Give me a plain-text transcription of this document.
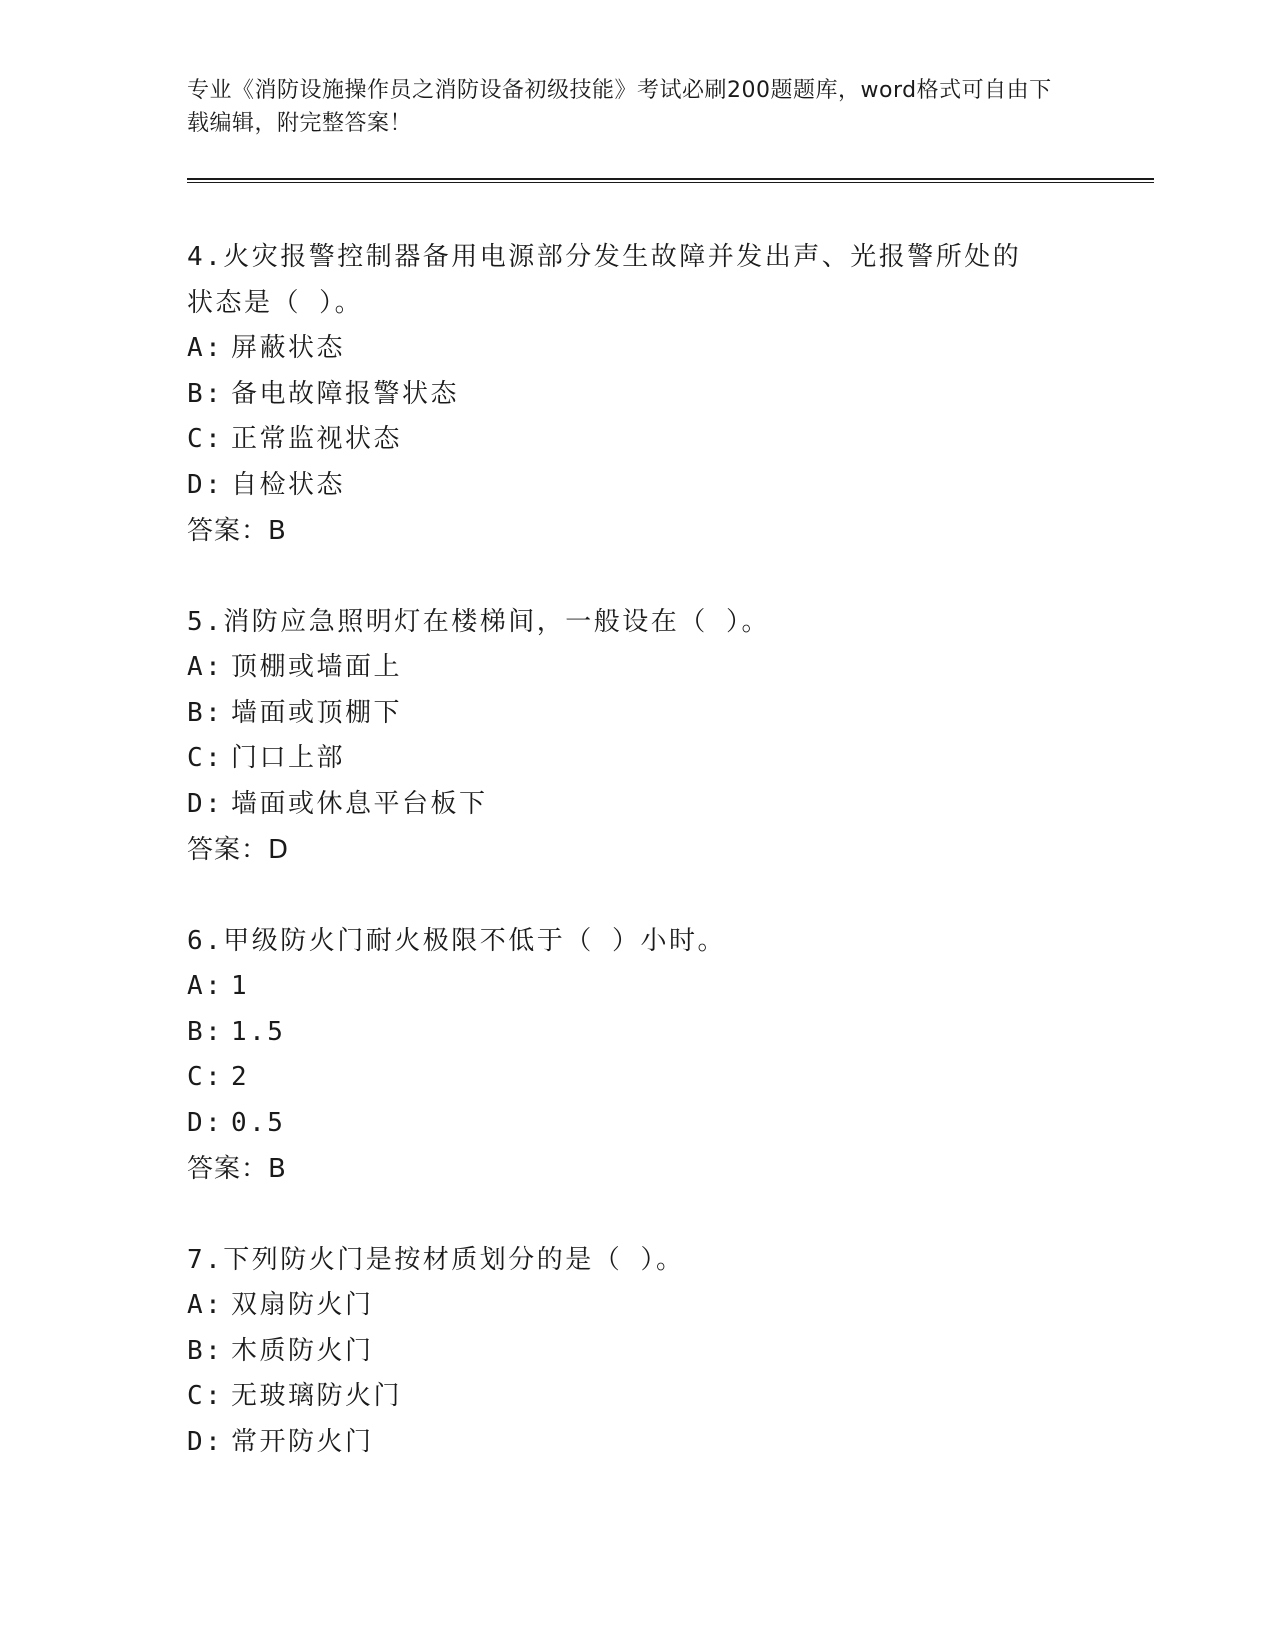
专业《消防设施操作员之消防设备初级技能》考试必刷200题题库，word格式可自由下载编辑，附完整答案！
4.火灾报警控制器备用电源部分发生故障并发出声、光报警所处的状态是（ ）。
A: 屏蔽状态
B: 备电故障报警状态
C: 正常监视状态
D: 自检状态
答案：B
5.消防应急照明灯在楼梯间，一般设在（ ）。
A: 顶棚或墙面上
B: 墙面或顶棚下
C: 门口上部
D: 墙面或休息平台板下
答案：D
6.甲级防火门耐火极限不低于（ ）小时。
A: 1
B: 1.5
C: 2
D: 0.5
答案：B
7.下列防火门是按材质划分的是（ ）。
A: 双扇防火门
B: 木质防火门
C: 无玻璃防火门
D: 常开防火门
